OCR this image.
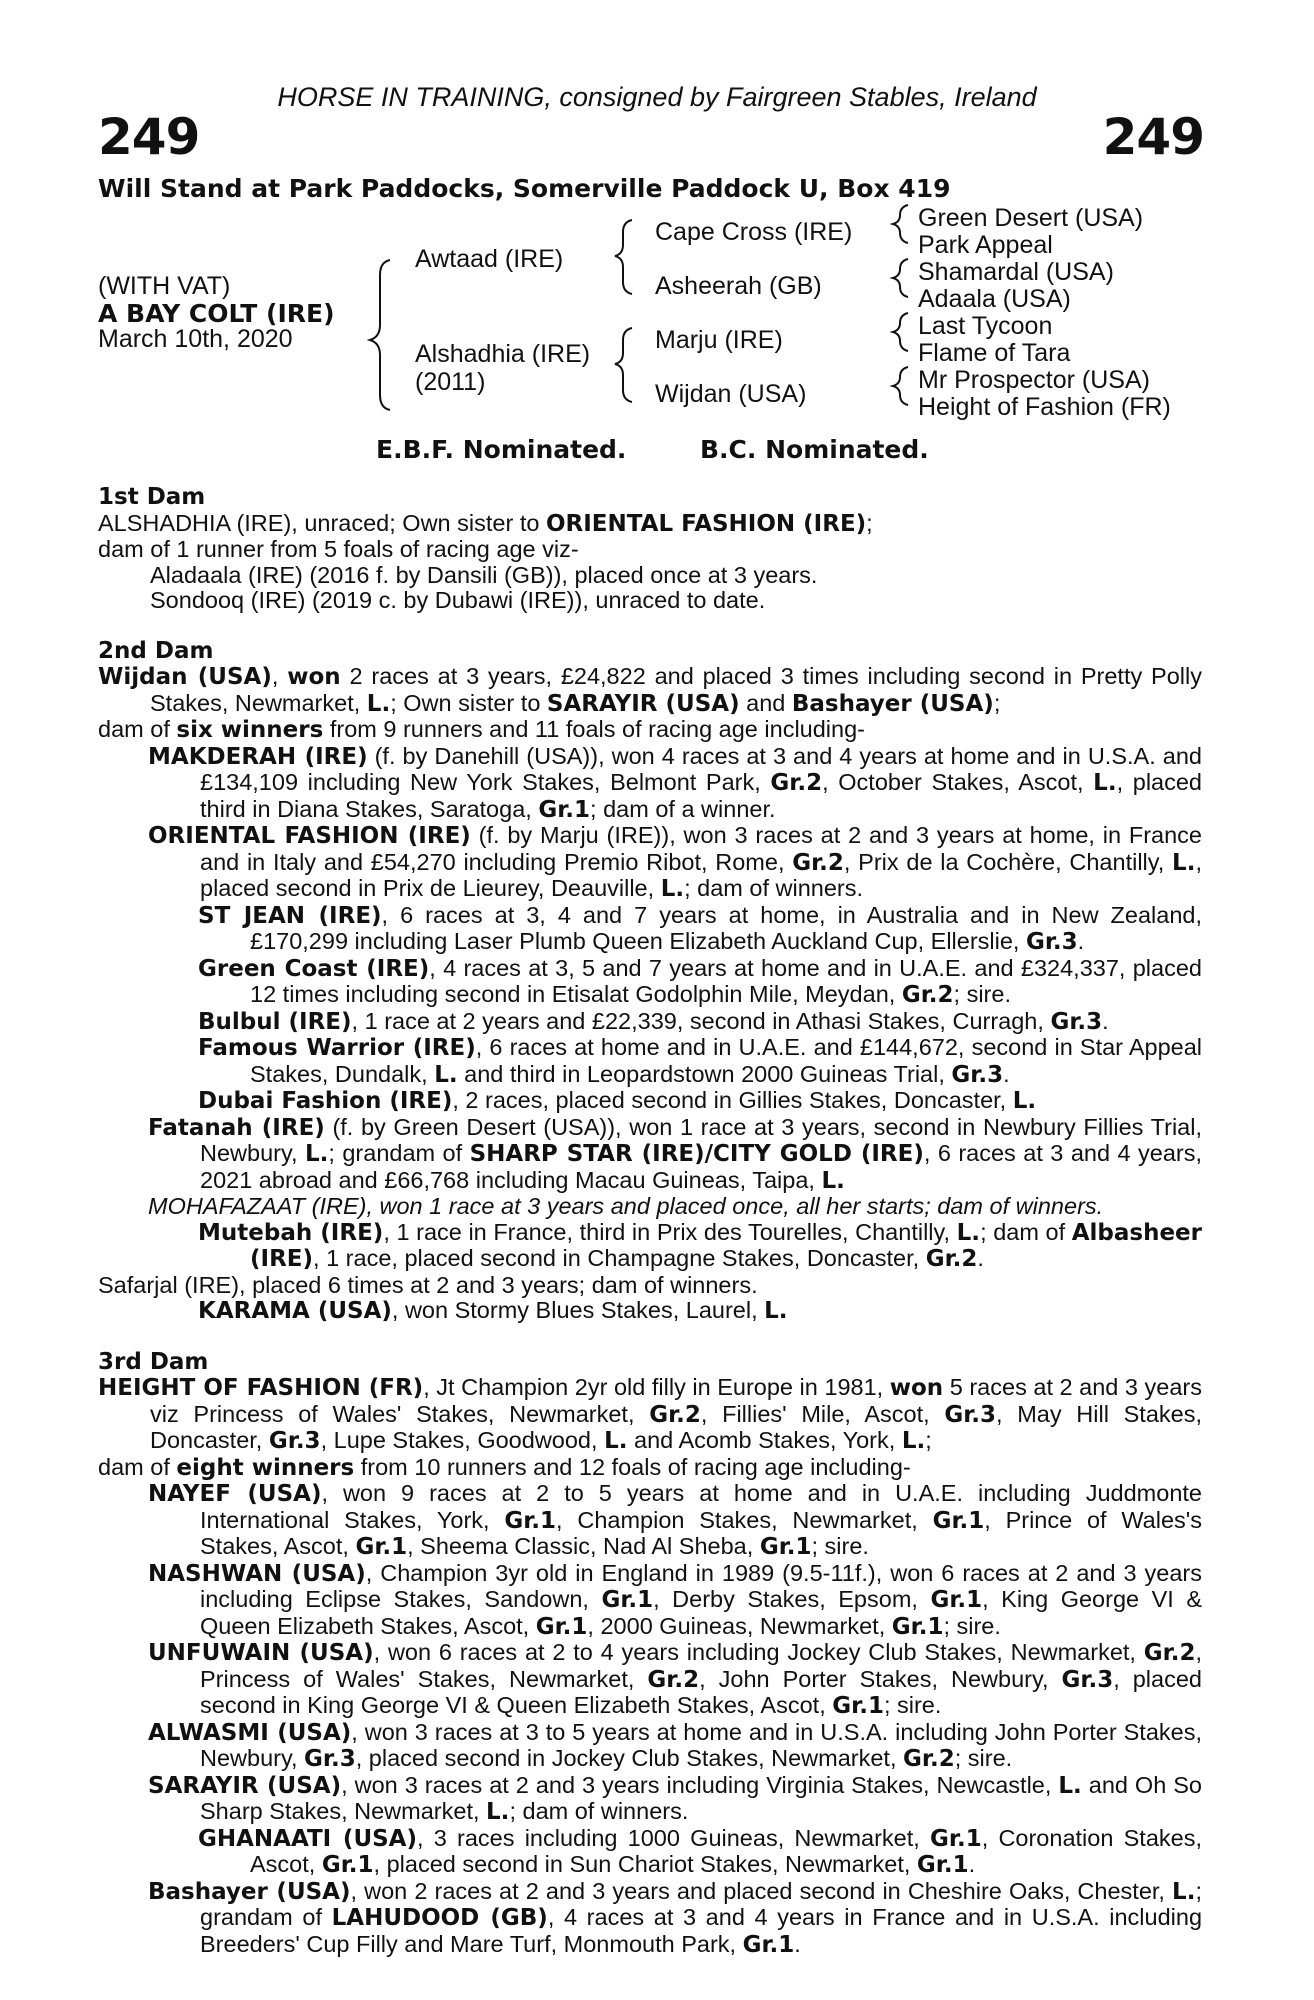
HORSE IN TRAINING, consigned by Fairgreen Stables, Ireland
249	249
Will Stand at Park Paddocks, Somerville Paddock U, Box 419
(WITH VAT)
A BAY COLT (IRE)
March 10th, 2020
Awtaad (IRE)
Alshadhia (IRE)
(2011)
Cape Cross (IRE)
Asheerah (GB)
Marju (IRE)
Wijdan (USA)
Green Desert (USA)
Park Appeal
Shamardal (USA)
Adaala (USA)
Last Tycoon
Flame of Tara
Mr Prospector (USA)
Height of Fashion (FR)
E.B.F. Nominated.	B.C. Nominated.

1st Dam

ALSHADHIA (IRE), unraced; Own sister to ORIENTAL FASHION (IRE);

dam of 1 runner from 5 foals of racing age viz-

Aladaala (IRE) (2016 f. by Dansili (GB)), placed once at 3 years.

Sondooq (IRE) (2019 c. by Dubawi (IRE)), unraced to date.

2nd Dam

Wijdan (USA), won 2 races at 3 years, £24,822 and placed 3 times including second in Pretty Polly Stakes, Newmarket, L.; Own sister to SARAYIR (USA) and Bashayer (USA);

dam of six winners from 9 runners and 11 foals of racing age including-

MAKDERAH (IRE) (f. by Danehill (USA)), won 4 races at 3 and 4 years at home and in U.S.A. and £134,109 including New York Stakes, Belmont Park, Gr.2, October Stakes, Ascot, L., placed third in Diana Stakes, Saratoga, Gr.1; dam of a winner.

ORIENTAL FASHION (IRE) (f. by Marju (IRE)), won 3 races at 2 and 3 years at home, in France and in Italy and £54,270 including Premio Ribot, Rome, Gr.2, Prix de la Cochère, Chantilly, L., placed second in Prix de Lieurey, Deauville, L.; dam of winners.

ST JEAN (IRE), 6 races at 3, 4 and 7 years at home, in Australia and in New Zealand, £170,299 including Laser Plumb Queen Elizabeth Auckland Cup, Ellerslie, Gr.3.

Green Coast (IRE), 4 races at 3, 5 and 7 years at home and in U.A.E. and £324,337, placed 12 times including second in Etisalat Godolphin Mile, Meydan, Gr.2; sire.

Bulbul (IRE), 1 race at 2 years and £22,339, second in Athasi Stakes, Curragh, Gr.3.

Famous Warrior (IRE), 6 races at home and in U.A.E. and £144,672, second in Star Appeal Stakes, Dundalk, L. and third in Leopardstown 2000 Guineas Trial, Gr.3.

Dubai Fashion (IRE), 2 races, placed second in Gillies Stakes, Doncaster, L.

Fatanah (IRE) (f. by Green Desert (USA)), won 1 race at 3 years, second in Newbury Fillies Trial, Newbury, L.; grandam of SHARP STAR (IRE)/CITY GOLD (IRE), 6 races at 3 and 4 years, 2021 abroad and £66,768 including Macau Guineas, Taipa, L.

MOHAFAZAAT (IRE), won 1 race at 3 years and placed once, all her starts; dam of winners.

Mutebah (IRE), 1 race in France, third in Prix des Tourelles, Chantilly, L.; dam of Albasheer (IRE), 1 race, placed second in Champagne Stakes, Doncaster, Gr.2.

Safarjal (IRE), placed 6 times at 2 and 3 years; dam of winners.

KARAMA (USA), won Stormy Blues Stakes, Laurel, L.

3rd Dam

HEIGHT OF FASHION (FR), Jt Champion 2yr old filly in Europe in 1981, won 5 races at 2 and 3 years viz Princess of Wales' Stakes, Newmarket, Gr.2, Fillies' Mile, Ascot, Gr.3, May Hill Stakes, Doncaster, Gr.3, Lupe Stakes, Goodwood, L. and Acomb Stakes, York, L.;

dam of eight winners from 10 runners and 12 foals of racing age including-

NAYEF (USA), won 9 races at 2 to 5 years at home and in U.A.E. including Juddmonte International Stakes, York, Gr.1, Champion Stakes, Newmarket, Gr.1, Prince of Wales's Stakes, Ascot, Gr.1, Sheema Classic, Nad Al Sheba, Gr.1; sire.

NASHWAN (USA), Champion 3yr old in England in 1989 (9.5-11f.), won 6 races at 2 and 3 years including Eclipse Stakes, Sandown, Gr.1, Derby Stakes, Epsom, Gr.1, King George VI & Queen Elizabeth Stakes, Ascot, Gr.1, 2000 Guineas, Newmarket, Gr.1; sire.

UNFUWAIN (USA), won 6 races at 2 to 4 years including Jockey Club Stakes, Newmarket, Gr.2, Princess of Wales' Stakes, Newmarket, Gr.2, John Porter Stakes, Newbury, Gr.3, placed second in King George VI & Queen Elizabeth Stakes, Ascot, Gr.1; sire.

ALWASMI (USA), won 3 races at 3 to 5 years at home and in U.S.A. including John Porter Stakes, Newbury, Gr.3, placed second in Jockey Club Stakes, Newmarket, Gr.2; sire.

SARAYIR (USA), won 3 races at 2 and 3 years including Virginia Stakes, Newcastle, L. and Oh So Sharp Stakes, Newmarket, L.; dam of winners.

GHANAATI (USA), 3 races including 1000 Guineas, Newmarket, Gr.1, Coronation Stakes, Ascot, Gr.1, placed second in Sun Chariot Stakes, Newmarket, Gr.1.

Bashayer (USA), won 2 races at 2 and 3 years and placed second in Cheshire Oaks, Chester, L.; grandam of LAHUDOOD (GB), 4 races at 3 and 4 years in France and in U.S.A. including Breeders' Cup Filly and Mare Turf, Monmouth Park, Gr.1.
